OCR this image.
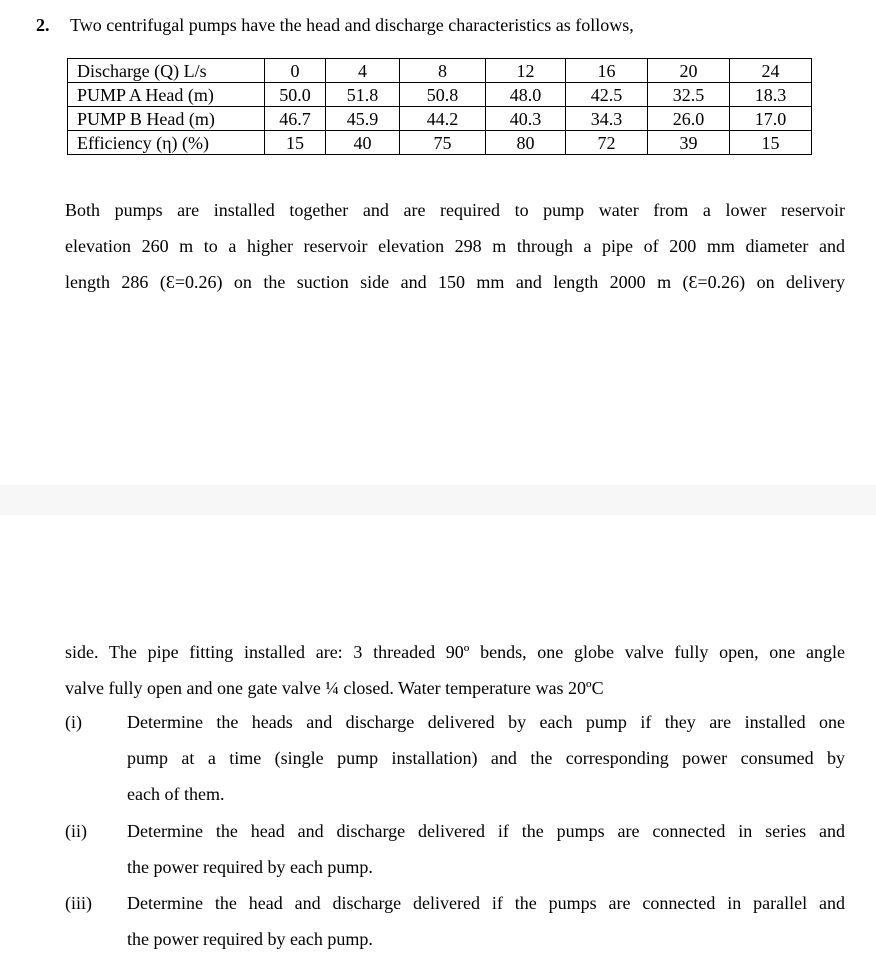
2. Two centrifugal pumps have the head and discharge characteristics as follows,
Discharge (Q) L/s	0	4	8	12	16	20	24
PUMP A Head (m)	50.0	51.8	50.8	48.0	42.5	32.5	18.3
PUMP B Head (m)	46.7	45.9	44.2	40.3	34.3	26.0	17.0
Efficiency (η) (%)	15	40	75	80	72	39	15
Both pumps are installed together and are required to pump water from a lower reservoir
elevation 260 m to a higher reservoir elevation 298 m through a pipe of 200 mm diameter and
length 286 (Ɛ=0.26) on the suction side and 150 mm and length 2000 m (Ɛ=0.26) on delivery
side. The pipe fitting installed are: 3 threaded 90º bends, one globe valve fully open, one angle
valve fully open and one gate valve ¼ closed. Water temperature was 20ºC
(i)	Determine the heads and discharge delivered by each pump if they are installed one
pump at a time (single pump installation) and the corresponding power consumed by
each of them.
(ii) Determine the head and discharge delivered if the pumps are connected in series and
the power required by each pump.
(iii) Determine the head and discharge delivered if the pumps are connected in parallel and
the power required by each pump.
